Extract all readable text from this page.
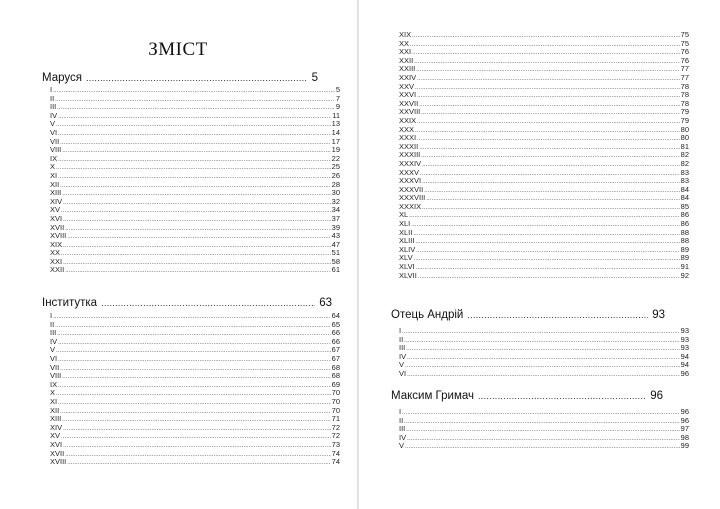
ЗМІСТ
Маруся .....	5
I .....	5
II .....	7
III .....	9
IV .....	11
V .....	13
VI .....	14
VII .....	17
VIII .....	19
IX .....	22
X .....	25
XI .....	26
XII .....	28
XIII .....	30
XIV .....	32
XV .....	34
XVI .....	37
XVII .....	39
XVIII .....	43
XIX .....	47
XX .....	51
XXI .....	58
XXII .....	61
Інститутка .....	63
I .....	64
II .....	65
III .....	66
IV .....	66
V .....	67
VI .....	67
VII .....	68
VIII .....	68
IX .....	69
X .....	70
XI .....	70
XII .....	70
XIII .....	71
XIV .....	72
XV .....	72
XVI .....	73
XVII .....	74
XVIII .....	74
XIX .....	75
XX .....	75
XXI .....	76
XXII .....	76
XXIII .....	77
XXIV .....	77
XXV .....	78
XXVI .....	78
XXVII .....	78
XXVIII .....	79
XXIX .....	79
XXX .....	80
XXXI .....	80
XXXII .....	81
XXXIII .....	82
XXXIV .....	82
XXXV .....	83
XXXVI .....	83
XXXVII .....	84
XXXVIII .....	84
XXXIX .....	85
XL .....	86
XLI .....	86
XLII .....	88
XLIII .....	88
XLIV .....	89
XLV .....	89
XLVI .....	91
XLVII .....	92
Отець Андрій .....	93
I .....	93
II .....	93
III .....	93
IV .....	94
V .....	94
VI .....	96
Максим Гримач .....	96
I .....	96
II .....	96
III .....	97
IV .....	98
V .....	99
